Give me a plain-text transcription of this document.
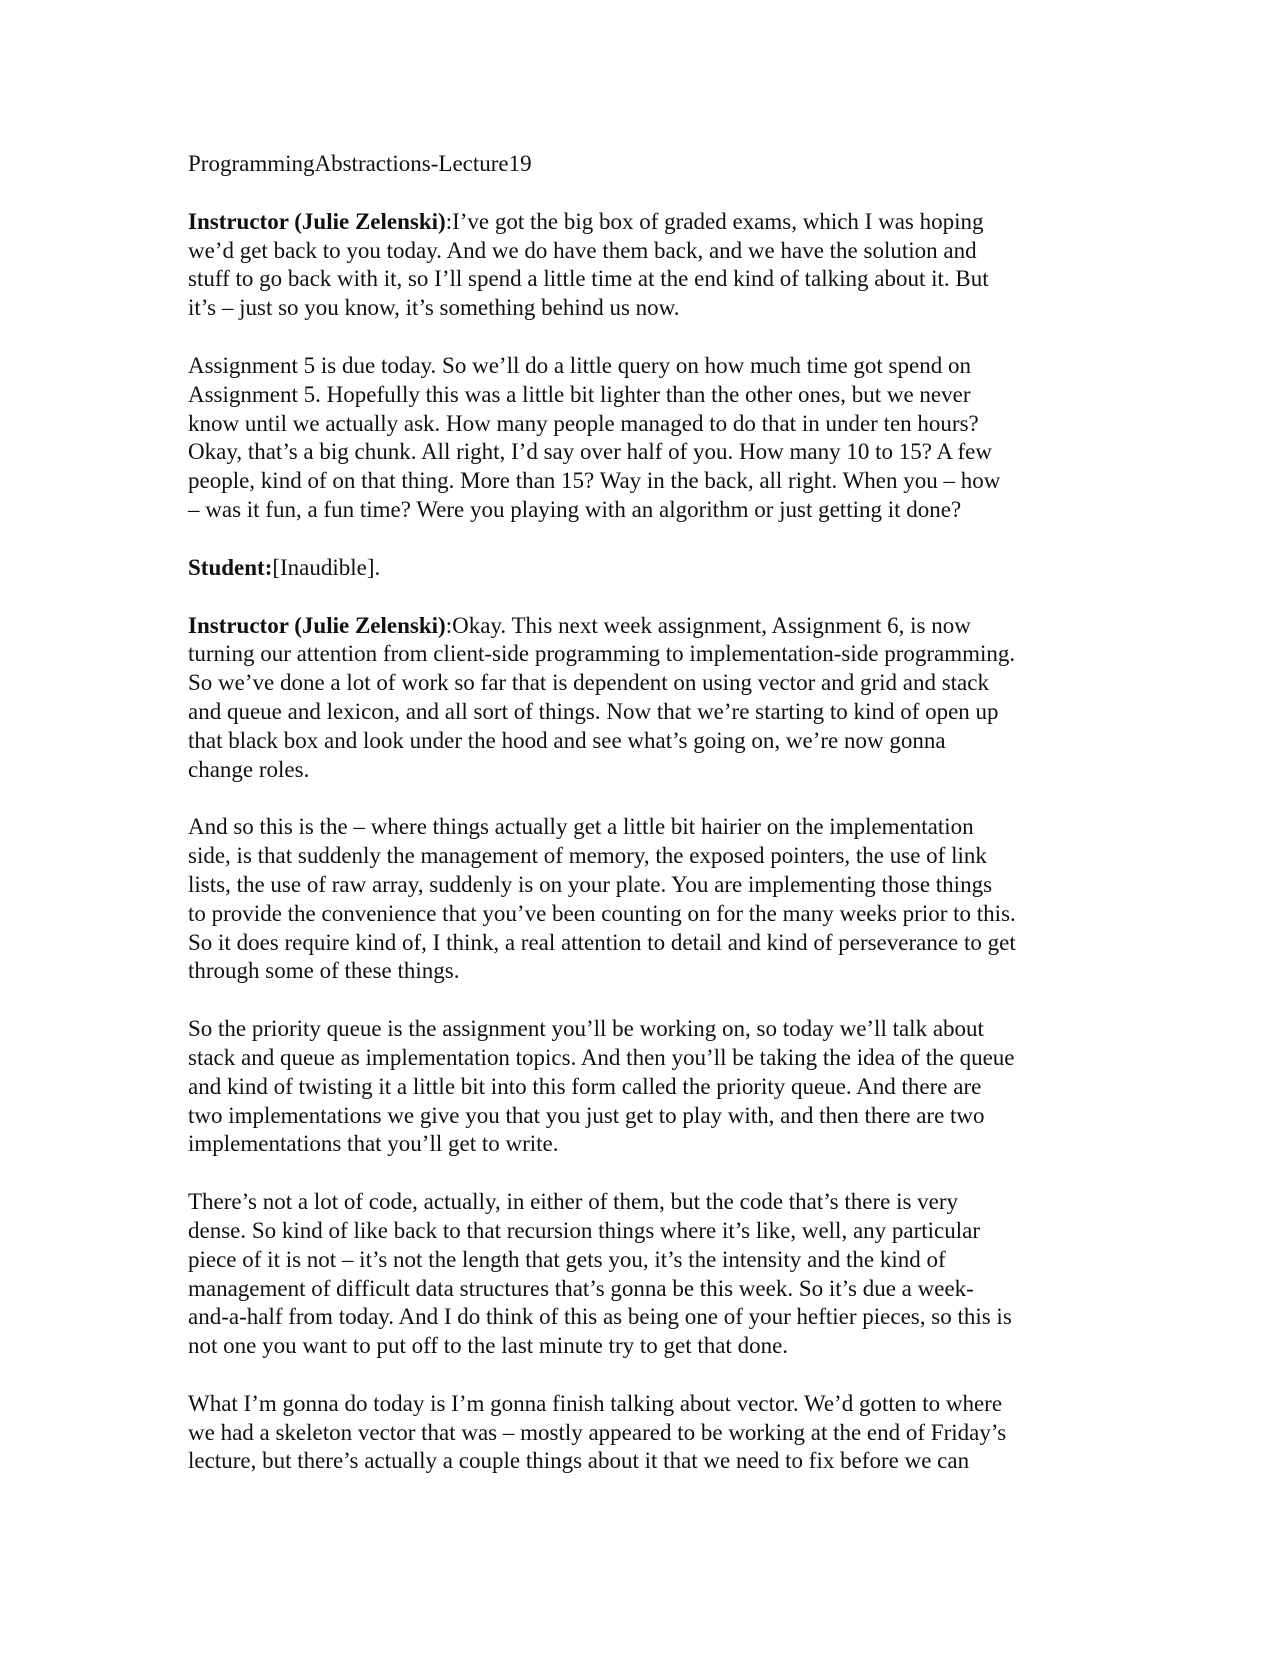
ProgrammingAbstractions-Lecture19
Instructor (Julie Zelenski):I’ve got the big box of graded exams, which I was hoping
we’d get back to you today. And we do have them back, and we have the solution and
stuff to go back with it, so I’ll spend a little time at the end kind of talking about it. But
it’s – just so you know, it’s something behind us now.
Assignment 5 is due today. So we’ll do a little query on how much time got spend on
Assignment 5. Hopefully this was a little bit lighter than the other ones, but we never
know until we actually ask. How many people managed to do that in under ten hours?
Okay, that’s a big chunk. All right, I’d say over half of you. How many 10 to 15? A few
people, kind of on that thing. More than 15? Way in the back, all right. When you – how
– was it fun, a fun time? Were you playing with an algorithm or just getting it done?
Student:[Inaudible].
Instructor (Julie Zelenski):Okay. This next week assignment, Assignment 6, is now
turning our attention from client-side programming to implementation-side programming.
So we’ve done a lot of work so far that is dependent on using vector and grid and stack
and queue and lexicon, and all sort of things. Now that we’re starting to kind of open up
that black box and look under the hood and see what’s going on, we’re now gonna
change roles.
And so this is the – where things actually get a little bit hairier on the implementation
side, is that suddenly the management of memory, the exposed pointers, the use of link
lists, the use of raw array, suddenly is on your plate. You are implementing those things
to provide the convenience that you’ve been counting on for the many weeks prior to this.
So it does require kind of, I think, a real attention to detail and kind of perseverance to get
through some of these things.
So the priority queue is the assignment you’ll be working on, so today we’ll talk about
stack and queue as implementation topics. And then you’ll be taking the idea of the queue
and kind of twisting it a little bit into this form called the priority queue. And there are
two implementations we give you that you just get to play with, and then there are two
implementations that you’ll get to write.
There’s not a lot of code, actually, in either of them, but the code that’s there is very
dense. So kind of like back to that recursion things where it’s like, well, any particular
piece of it is not – it’s not the length that gets you, it’s the intensity and the kind of
management of difficult data structures that’s gonna be this week. So it’s due a week-
and-a-half from today. And I do think of this as being one of your heftier pieces, so this is
not one you want to put off to the last minute try to get that done.
What I’m gonna do today is I’m gonna finish talking about vector. We’d gotten to where
we had a skeleton vector that was – mostly appeared to be working at the end of Friday’s
lecture, but there’s actually a couple things about it that we need to fix before we can
